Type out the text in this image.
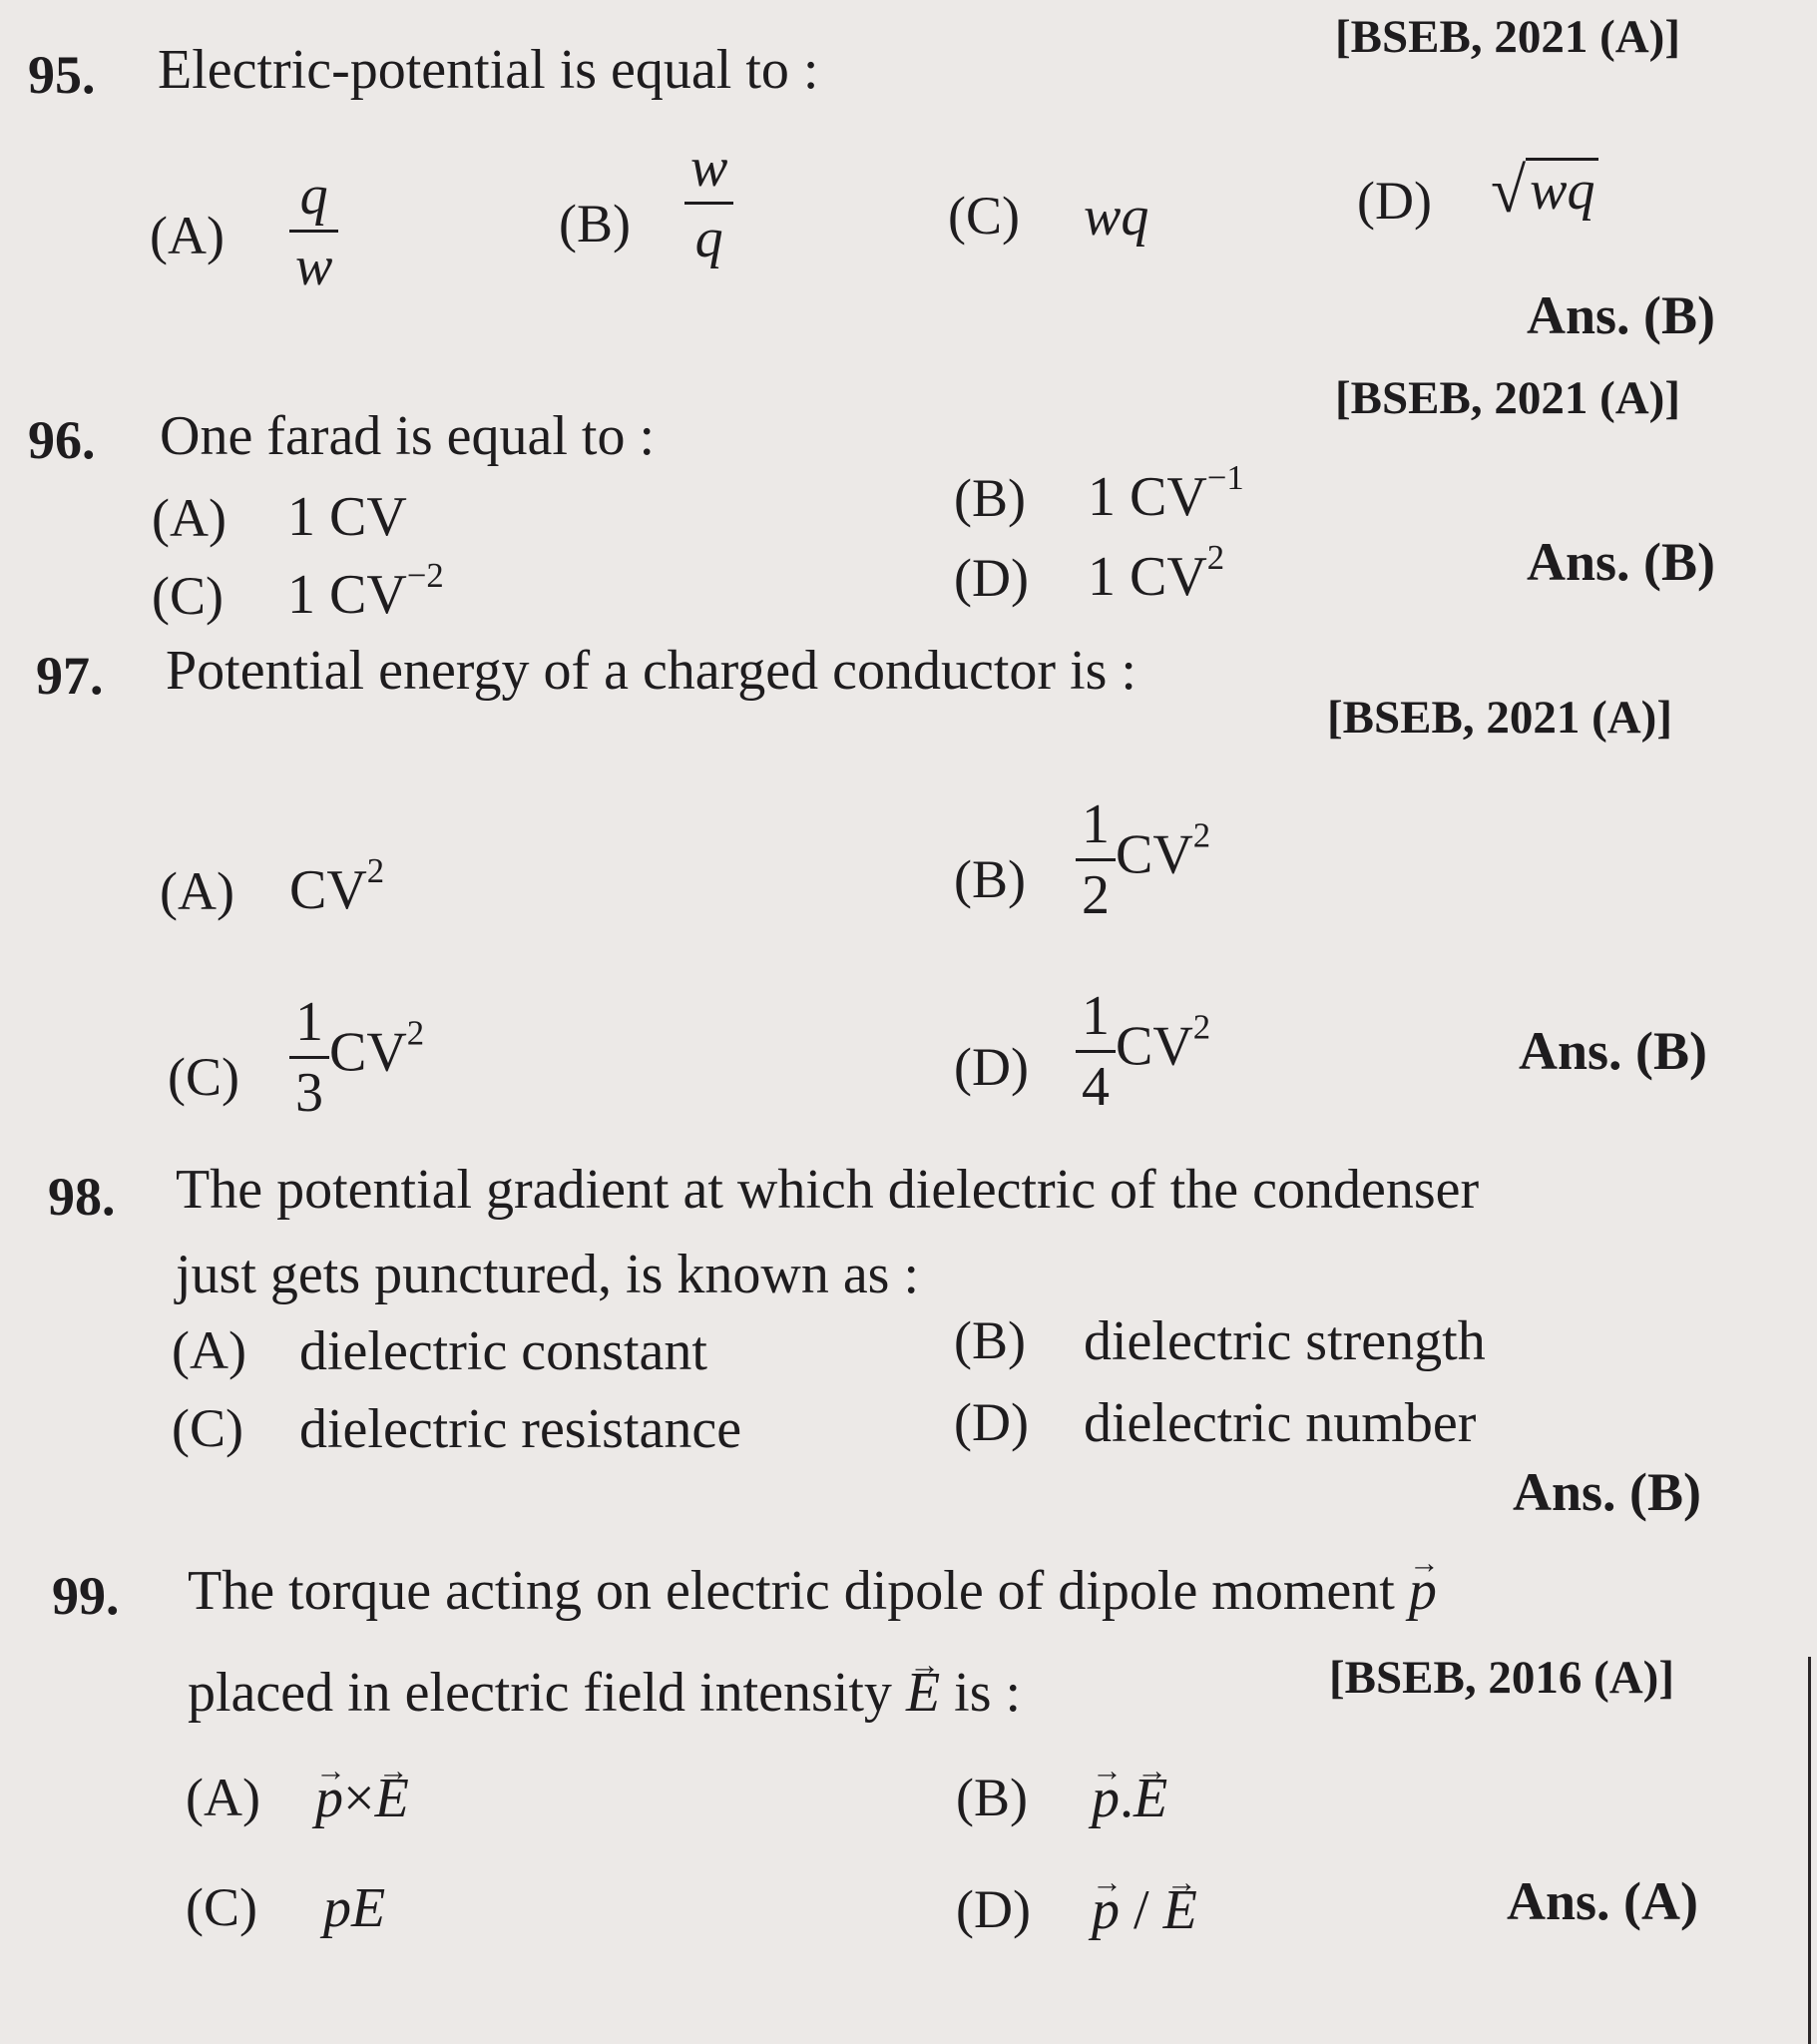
95. Electric-potential is equal to :
[BSEB, 2021 (A)]
$(A) \frac{q}{w}$	$(B) \frac{w}{q}$	(C) wq	(D) √ wq
Ans. (B)
96. One farad is equal to :
[BSEB, 2021 (A)]
(A) 1 CV	(B) 1 $CV^{-1}$
(C) 1 $CV^{-2}$	(D) 1 $CV^2$	Ans. (B)
97. Potential energy of a charged conductor is :
[BSEB, 2021 (A)]
(A) $CV^2$	$(B) \frac{1}{2} CV^2$
$(C) \frac{1}{3} CV^2$
$(D) \frac{1}{4} CV^2$	Ans. (B)
98. The potential gradient at which dielectric of the condenser
just gets punctured, is known as :
(A) dielectric constant	(B) dielectric strength
(C) dielectric resistance	(D) dielectric number
Ans. (B)
99. The torque acting on electric dipole of dipole moment → p
placed in electric field intensity → E is :	[BSEB, 2016 (A)]
(A) → p×→ E	(B) → p.→ E
(C) pE	(D) → p / → E	Ans. (A)
